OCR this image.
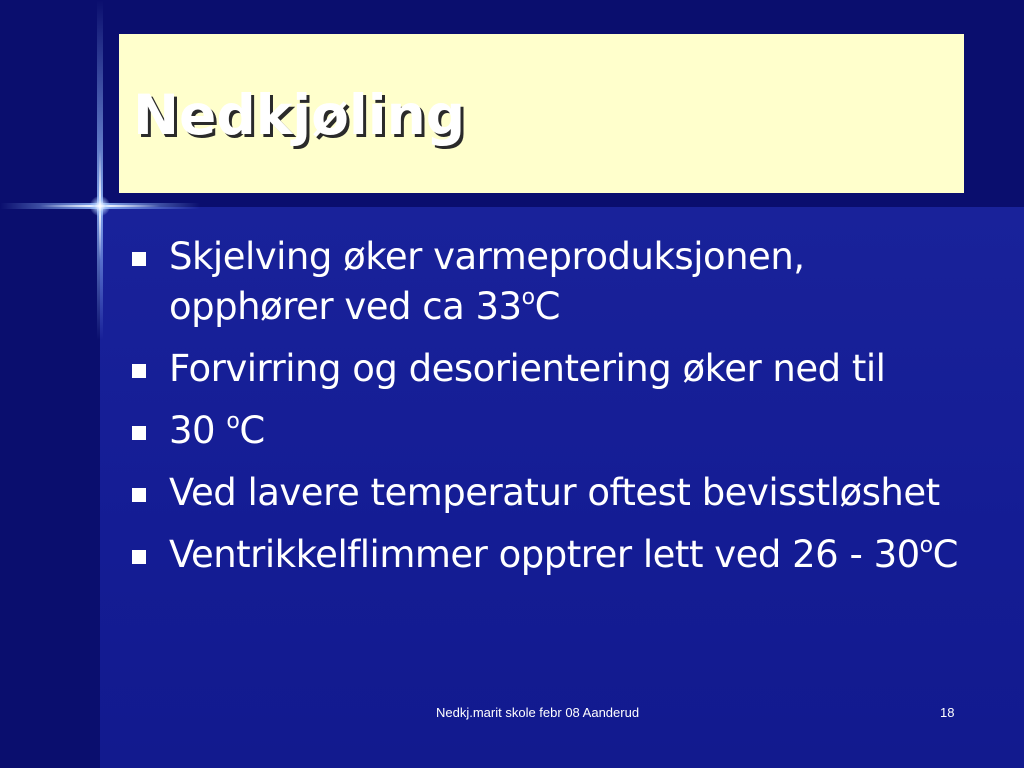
Nedkjøling
Skjelving øker varmeproduksjonen, opphører ved ca 33$^o$C
Forvirring og desorientering øker ned til
30 $^o$C
Ved lavere temperatur oftest bevisstløshet
Ventrikkelflimmer opptrer lett ved 26 - 30$^o$C
Nedkj.marit skole febr 08 Aanderud	18
